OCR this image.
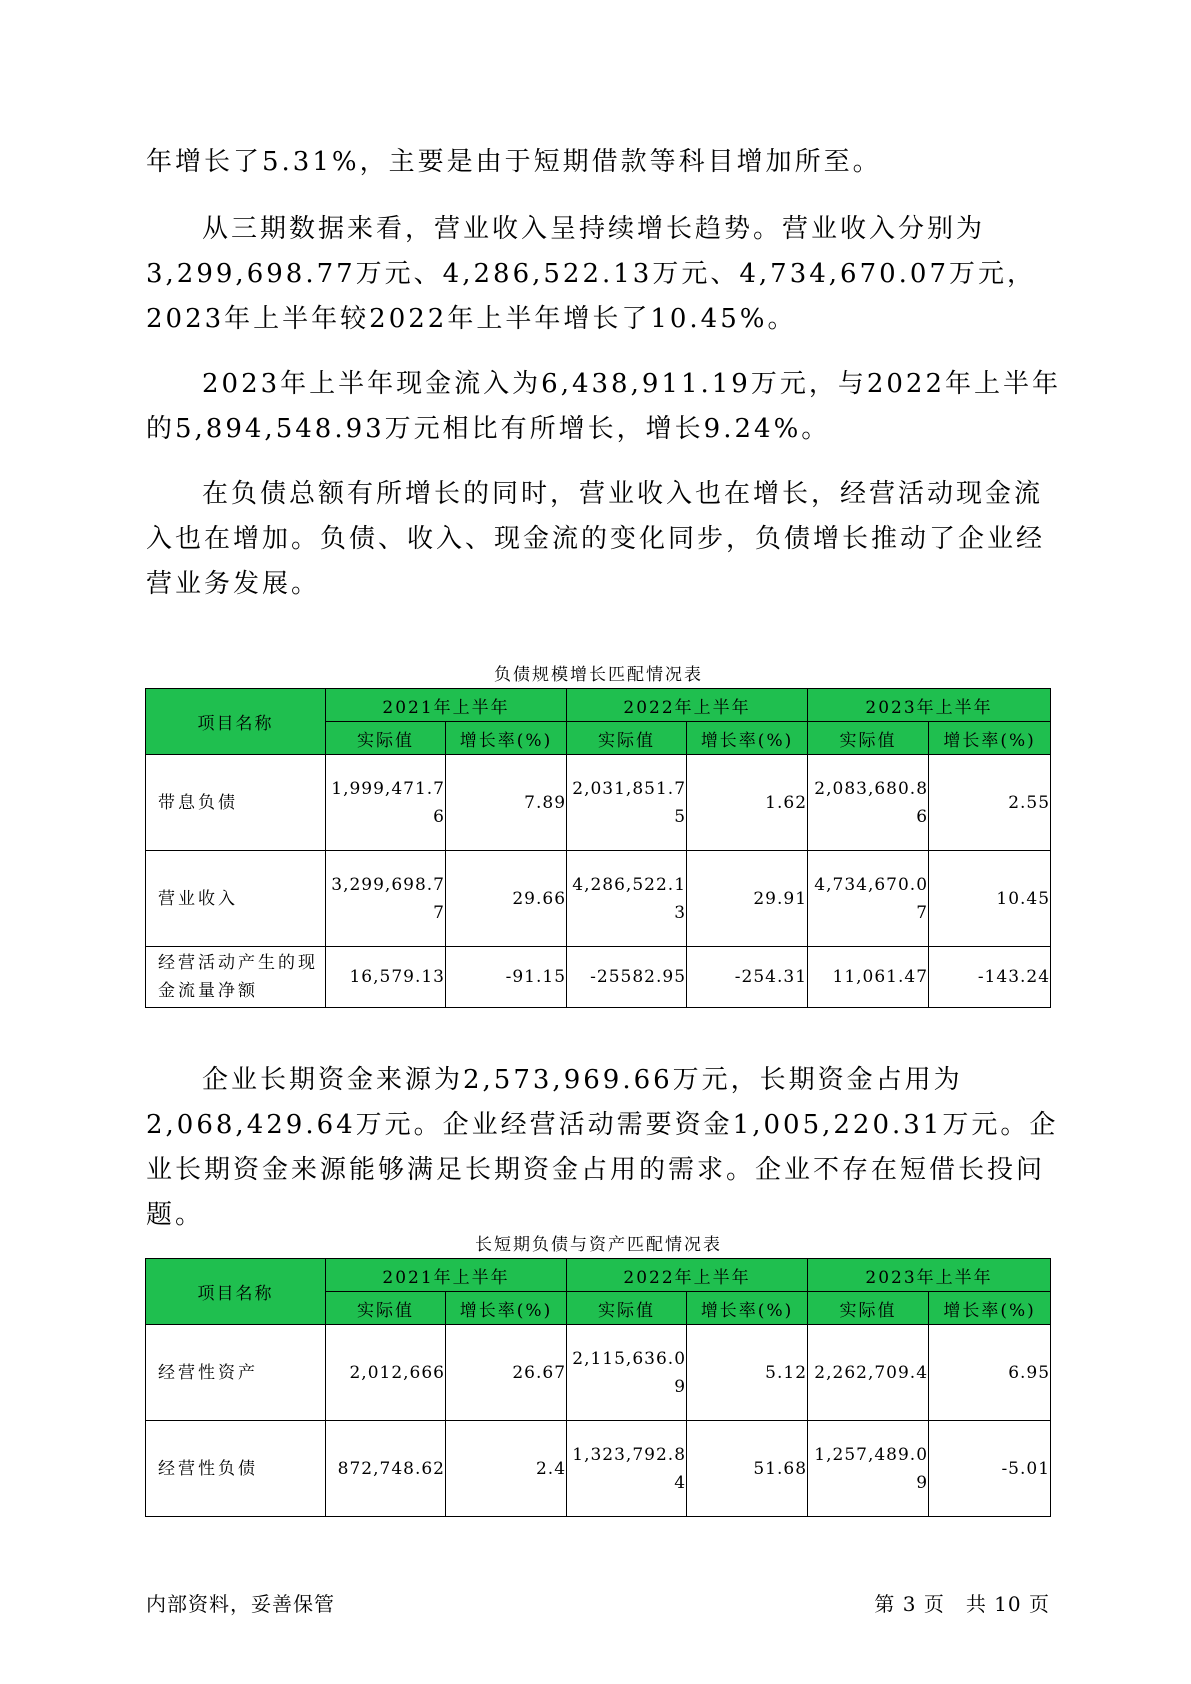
年增长了5.31%，主要是由于短期借款等科目增加所至。

从三期数据来看，营业收入呈持续增长趋势。营业收入分别为3,299,698.77万元、4,286,522.13万元、4,734,670.07万元，2023年上半年较2022年上半年增长了10.45%。

2023年上半年现金流入为6,438,911.19万元，与2022年上半年的5,894,548.93万元相比有所增长，增长9.24%。

在负债总额有所增长的同时，营业收入也在增长，经营活动现金流入也在增加。负债、收入、现金流的变化同步，负债增长推动了企业经营业务发展。

负债规模增长匹配情况表
项目名称	2021年上半年		2022年上半年		2023年上半年	
	实际值	增长率(%)	实际值	增长率(%)	实际值	增长率(%)
带息负债	1,999,471.76	7.89	2,031,851.75	1.62	2,083,680.86	2.55
营业收入	3,299,698.77	29.66	4,286,522.13	29.91	4,734,670.07	10.45
经营活动产生的现金流量净额	16,579.13	-91.15	-25582.95	-254.31	11,061.47	-143.24

企业长期资金来源为2,573,969.66万元，长期资金占用为2,068,429.64万元。企业经营活动需要资金1,005,220.31万元。企业长期资金来源能够满足长期资金占用的需求。企业不存在短借长投问题。

长短期负债与资产匹配情况表
项目名称	2021年上半年		2022年上半年		2023年上半年	
	实际值	增长率(%)	实际值	增长率(%)	实际值	增长率(%)
经营性资产	2,012,666	26.67	2,115,636.09	5.12	2,262,709.4	6.95
经营性负债	872,748.62	2.4	1,323,792.84	51.68	1,257,489.09	-5.01
内部资料，妥善保管	第 3 页　共 10 页
